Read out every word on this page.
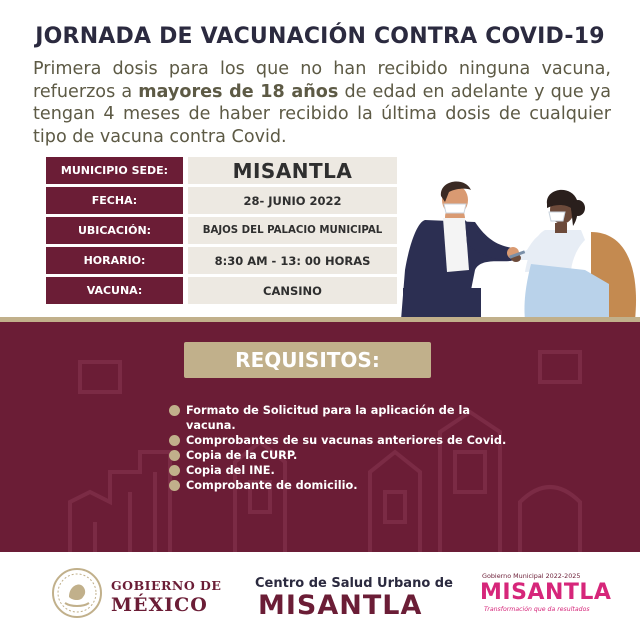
JORNADA DE VACUNACIÓN CONTRA COVID-19

Primera dosis para los que no han recibido ninguna vacuna, refuerzos a mayores de 18 años de edad en adelante y que ya tengan 4 meses de haber recibido la última dosis de cualquier tipo de vacuna contra Covid.

MUNICIPIO SEDE:	MISANTLA
FECHA:	28- JUNIO 2022
UBICACIÓN:	BAJOS DEL PALACIO MUNICIPAL
HORARIO:	8:30 AM - 13: 00 HORAS
VACUNA:	CANSINO
REQUISITOS:
Formato de Solicitud para la aplicación de la vacuna.
Comprobantes de su vacunas anteriores de Covid.
Copia de la CURP.
Copia del INE.
Comprobante de domicilio.
GOBIERNO DE
MÉXICO
Centro de Salud Urbano de
MISANTLA
Gobierno Municipal 2022-2025
MISANTLA
Transformación que da resultados
